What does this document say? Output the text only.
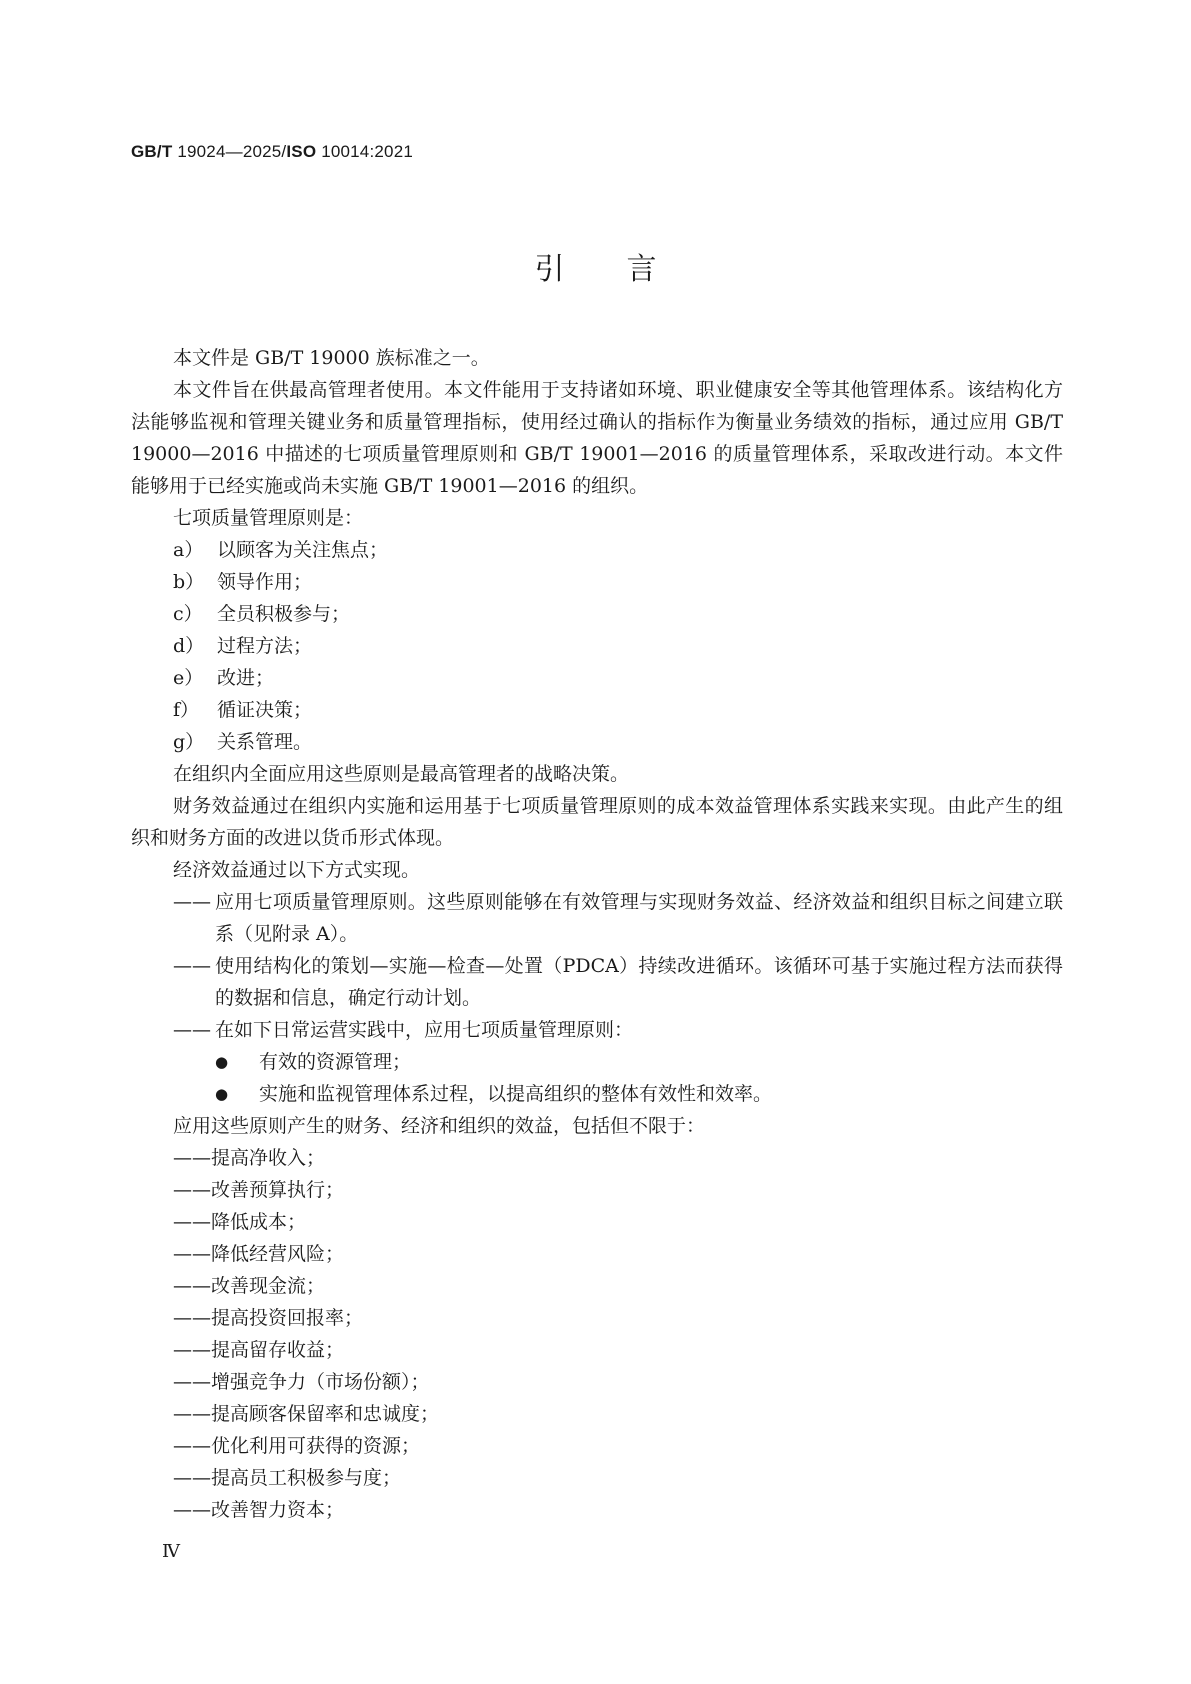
GB/T 19024—2025/ISO 10014:2021
引言

本文件是 GB/T 19000 族标准之一。

本文件旨在供最高管理者使用。本文件能用于支持诸如环境、职业健康安全等其他管理体系。该结构化方法能够监视和管理关键业务和质量管理指标，使用经过确认的指标作为衡量业务绩效的指标，通过应用 GB/T 19000—2016 中描述的七项质量管理原则和 GB/T 19001—2016 的质量管理体系，采取改进行动。本文件能够用于已经实施或尚未实施 GB/T 19001—2016 的组织。

七项质量管理原则是：

a） 以顾客为关注焦点；
b） 领导作用；
c） 全员积极参与；
d） 过程方法；
e） 改进；
f） 循证决策；
g） 关系管理。

在组织内全面应用这些原则是最高管理者的战略决策。

财务效益通过在组织内实施和运用基于七项质量管理原则的成本效益管理体系实践来实现。由此产生的组织和财务方面的改进以货币形式体现。

经济效益通过以下方式实现。

—— 应用七项质量管理原则。这些原则能够在有效管理与实现财务效益、经济效益和组织目标之间建立联系（见附录 A）。
—— 使用结构化的策划—实施—检查—处置（PDCA）持续改进循环。该循环可基于实施过程方法而获得的数据和信息，确定行动计划。
—— 在如下日常运营实践中，应用七项质量管理原则：
●	有效的资源管理；
●	实施和监视管理体系过程，以提高组织的整体有效性和效率。

应用这些原则产生的财务、经济和组织的效益，包括但不限于：

——提高净收入；
——改善预算执行；
——降低成本；
——降低经营风险；
——改善现金流；
——提高投资回报率；
——提高留存收益；
——增强竞争力（市场份额）；
——提高顾客保留率和忠诚度；
——优化利用可获得的资源；
——提高员工积极参与度；
——改善智力资本；
Ⅳ
